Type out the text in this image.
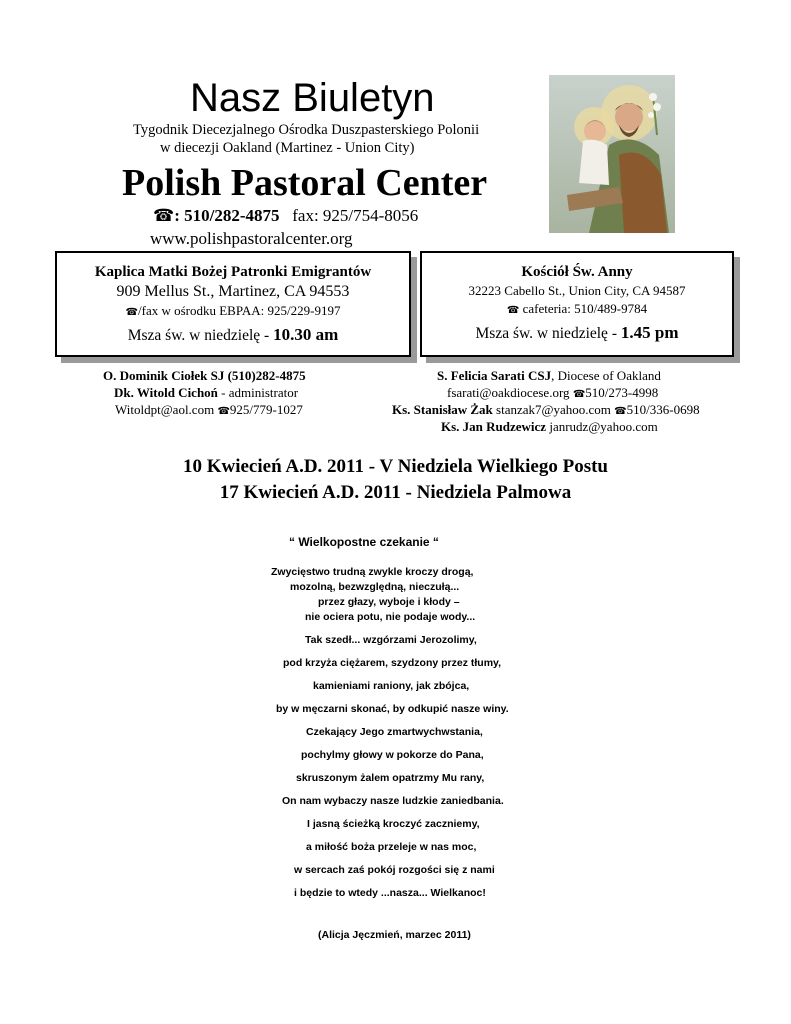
Nasz Biuletyn
Tygodnik Diecezjalnego Ośrodka Duszpasterskiego Polonii
w diecezji Oakland (Martinez - Union City)
Polish Pastoral Center
☎: 510/282-4875 fax: 925/754-8056
www.polishpastoralcenter.org
Kaplica Matki Bożej Patronki Emigrantów
909 Mellus St., Martinez, CA 94553
☎/fax w ośrodku EBPAA: 925/229-9197
Msza św. w niedzielę - 10.30 am
Kościół Św. Anny
32223 Cabello St., Union City, CA 94587
☎ cafeteria: 510/489-9784
Msza św. w niedzielę - 1.45 pm
O. Dominik Ciołek SJ (510)282-4875
Dk. Witold Cichoń - administrator
Witoldpt@aol.com ☎925/779-1027
S. Felicia Sarati CSJ, Diocese of Oakland
fsarati@oakdiocese.org ☎510/273-4998
Ks. Stanisław Żak stanzak7@yahoo.com ☎510/336-0698
Ks. Jan Rudzewicz janrudz@yahoo.com
10 Kwiecień A.D. 2011 - V Niedziela Wielkiego Postu
17 Kwiecień A.D. 2011 - Niedziela Palmowa
“ Wielkopostne czekanie “
Zwycięstwo trudną zwykle kroczy drogą,
mozolną, bezwzględną, nieczułą...
przez głazy, wyboje i kłody –
nie ociera potu, nie podaje wody...
Tak szedł... wzgórzami Jerozolimy,
pod krzyża ciężarem, szydzony przez tłumy,
kamieniami raniony, jak zbójca,
by w męczarni skonać, by odkupić nasze winy.
Czekający Jego zmartwychwstania,
pochylmy głowy w pokorze do Pana,
skruszonym żalem opatrzmy Mu rany,
On nam wybaczy nasze ludzkie zaniedbania.
I jasną ścieżką kroczyć zaczniemy,
a miłość boża przeleje w nas moc,
w sercach zaś pokój rozgości się z nami
i będzie to wtedy ...nasza... Wielkanoc!
(Alicja Jęczmień, marzec 2011)
